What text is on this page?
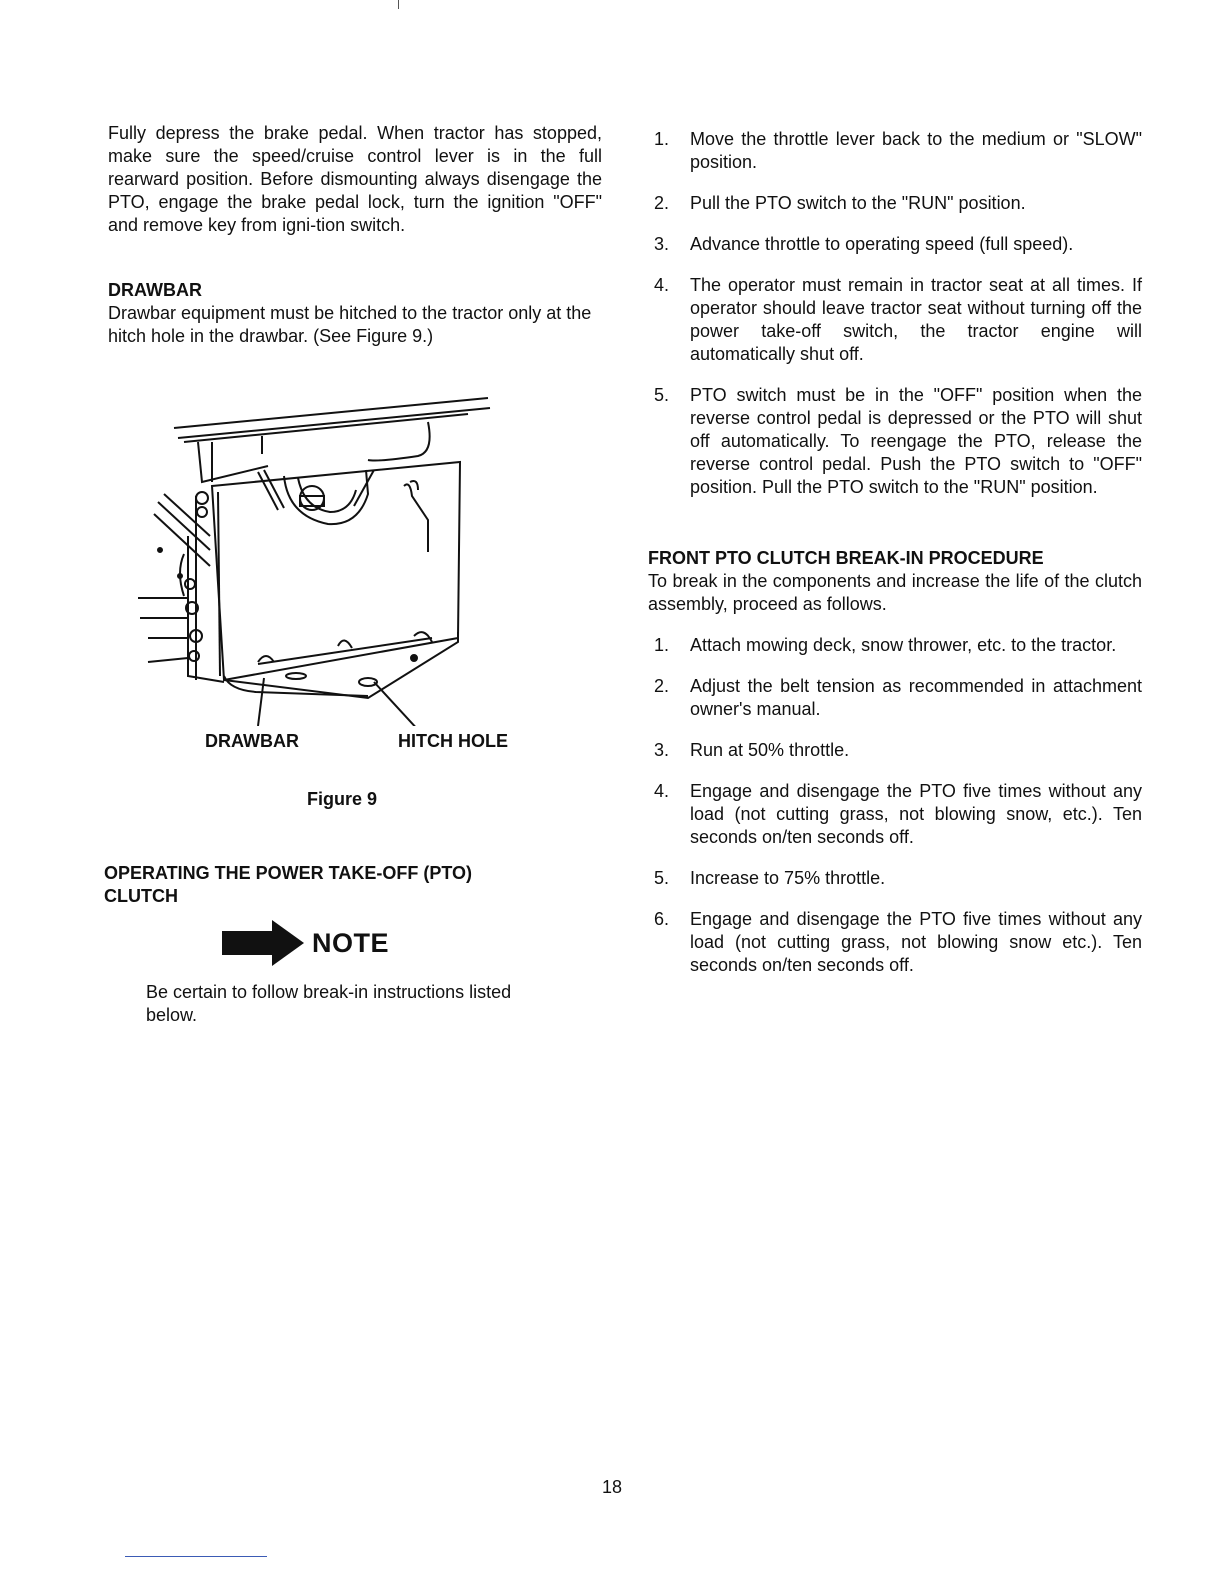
Fully depress the brake pedal. When tractor has stopped, make sure the speed/cruise control lever is in the full rearward position. Before dismounting always disengage the PTO, engage the brake pedal lock, turn the ignition "OFF" and remove key from igni-tion switch.

DRAWBAR

Drawbar equipment must be hitched to the tractor only at the hitch hole in the drawbar. (See Figure 9.)

DRAWBAR	HITCH HOLE
Figure 9
OPERATING THE POWER TAKE-OFF (PTO)
CLUTCH
NOTE

Be certain to follow break-in instructions listed below.

1.	Move the throttle lever back to the medium or "SLOW" position.
2.	Pull the PTO switch to the "RUN" position.
3.	Advance throttle to operating speed (full speed).
4.	The operator must remain in tractor seat at all times. If operator should leave tractor seat without turning off the power take-off switch, the tractor engine will automatically shut off.
5.	PTO switch must be in the "OFF" position when the reverse control pedal is depressed or the PTO will shut off automatically. To reengage the PTO, release the reverse control pedal. Push the PTO switch to "OFF" position. Pull the PTO switch to the "RUN" position.
FRONT PTO CLUTCH BREAK-IN PROCEDURE

To break in the components and increase the life of the clutch assembly, proceed as follows.

1.	Attach mowing deck, snow thrower, etc. to the tractor.
2.	Adjust the belt tension as recommended in attachment owner's manual.
3.	Run at 50% throttle.
4.	Engage and disengage the PTO five times without any load (not cutting grass, not blowing snow, etc.). Ten seconds on/ten seconds off.
5.	Increase to 75% throttle.
6.	Engage and disengage the PTO five times without any load (not cutting grass, not blowing snow etc.). Ten seconds on/ten seconds off.
18
